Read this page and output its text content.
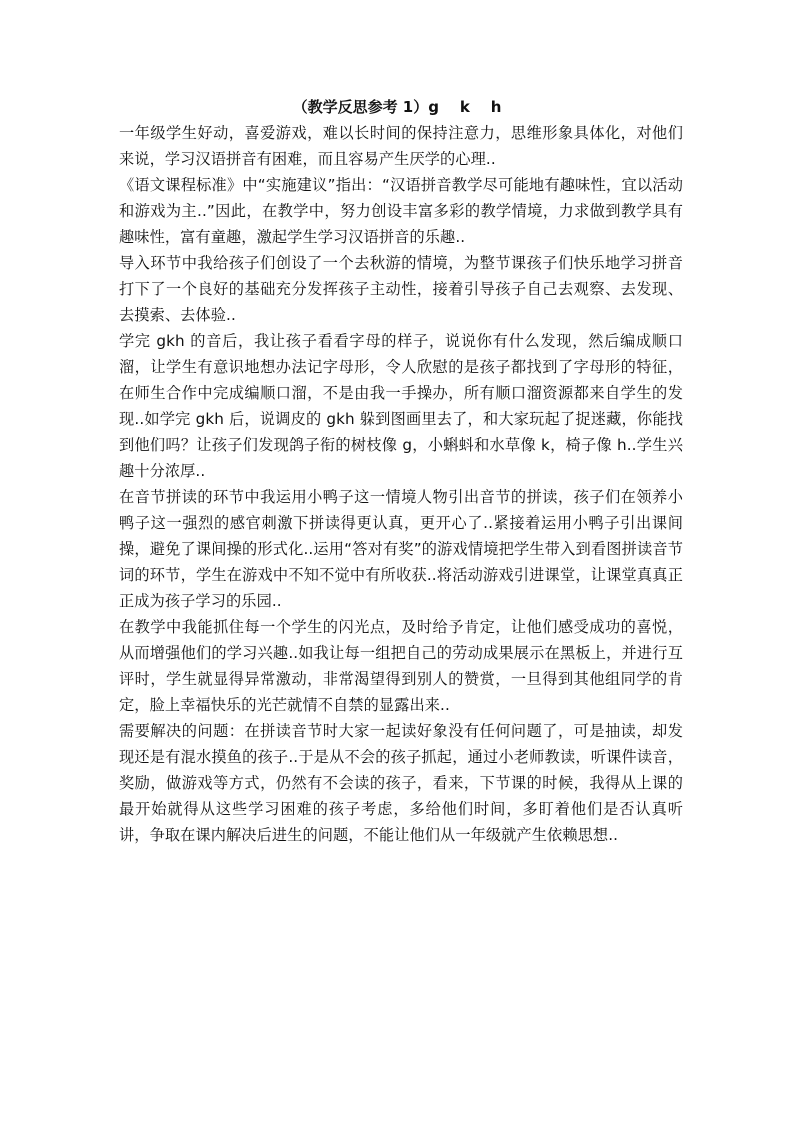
（教学反思参考 1）g    k    h

一年级学生好动，喜爱游戏，难以长时间的保持注意力，思维形象具体化，对他们来说，学习汉语拼音有困难，而且容易产生厌学的心理..

《语文课程标准》中“实施建议”指出：“汉语拼音教学尽可能地有趣味性，宜以活动和游戏为主..”因此，在教学中，努力创设丰富多彩的教学情境，力求做到教学具有趣味性，富有童趣，激起学生学习汉语拼音的乐趣..

导入环节中我给孩子们创设了一个去秋游的情境，为整节课孩子们快乐地学习拼音打下了一个良好的基础充分发挥孩子主动性，接着引导孩子自己去观察、去发现、去摸索、去体验..

学完 gkh 的音后，我让孩子看看字母的样子，说说你有什么发现，然后编成顺口溜，让学生有意识地想办法记字母形，令人欣慰的是孩子都找到了字母形的特征，在师生合作中完成编顺口溜，不是由我一手操办，所有顺口溜资源都来自学生的发现..如学完 gkh 后，说调皮的 gkh 躲到图画里去了，和大家玩起了捉迷藏，你能找到他们吗？让孩子们发现鸽子衔的树枝像 g，小蝌蚪和水草像 k，椅子像 h..学生兴趣十分浓厚..

在音节拼读的环节中我运用小鸭子这一情境人物引出音节的拼读，孩子们在领养小鸭子这一强烈的感官刺激下拼读得更认真，更开心了..紧接着运用小鸭子引出课间操，避免了课间操的形式化..运用“答对有奖”的游戏情境把学生带入到看图拼读音节词的环节，学生在游戏中不知不觉中有所收获..将活动游戏引进课堂，让课堂真真正正成为孩子学习的乐园..

在教学中我能抓住每一个学生的闪光点，及时给予肯定，让他们感受成功的喜悦，从而增强他们的学习兴趣..如我让每一组把自己的劳动成果展示在黑板上，并进行互评时，学生就显得异常激动，非常渴望得到别人的赞赏，一旦得到其他组同学的肯定，脸上幸福快乐的光芒就情不自禁的显露出来..

需要解决的问题：在拼读音节时大家一起读好象没有任何问题了，可是抽读，却发现还是有混水摸鱼的孩子..于是从不会的孩子抓起，通过小老师教读，听课件读音，奖励，做游戏等方式，仍然有不会读的孩子，看来，下节课的时候，我得从上课的最开始就得从这些学习困难的孩子考虑，多给他们时间，多盯着他们是否认真听讲，争取在课内解决后进生的问题，不能让他们从一年级就产生依赖思想..
